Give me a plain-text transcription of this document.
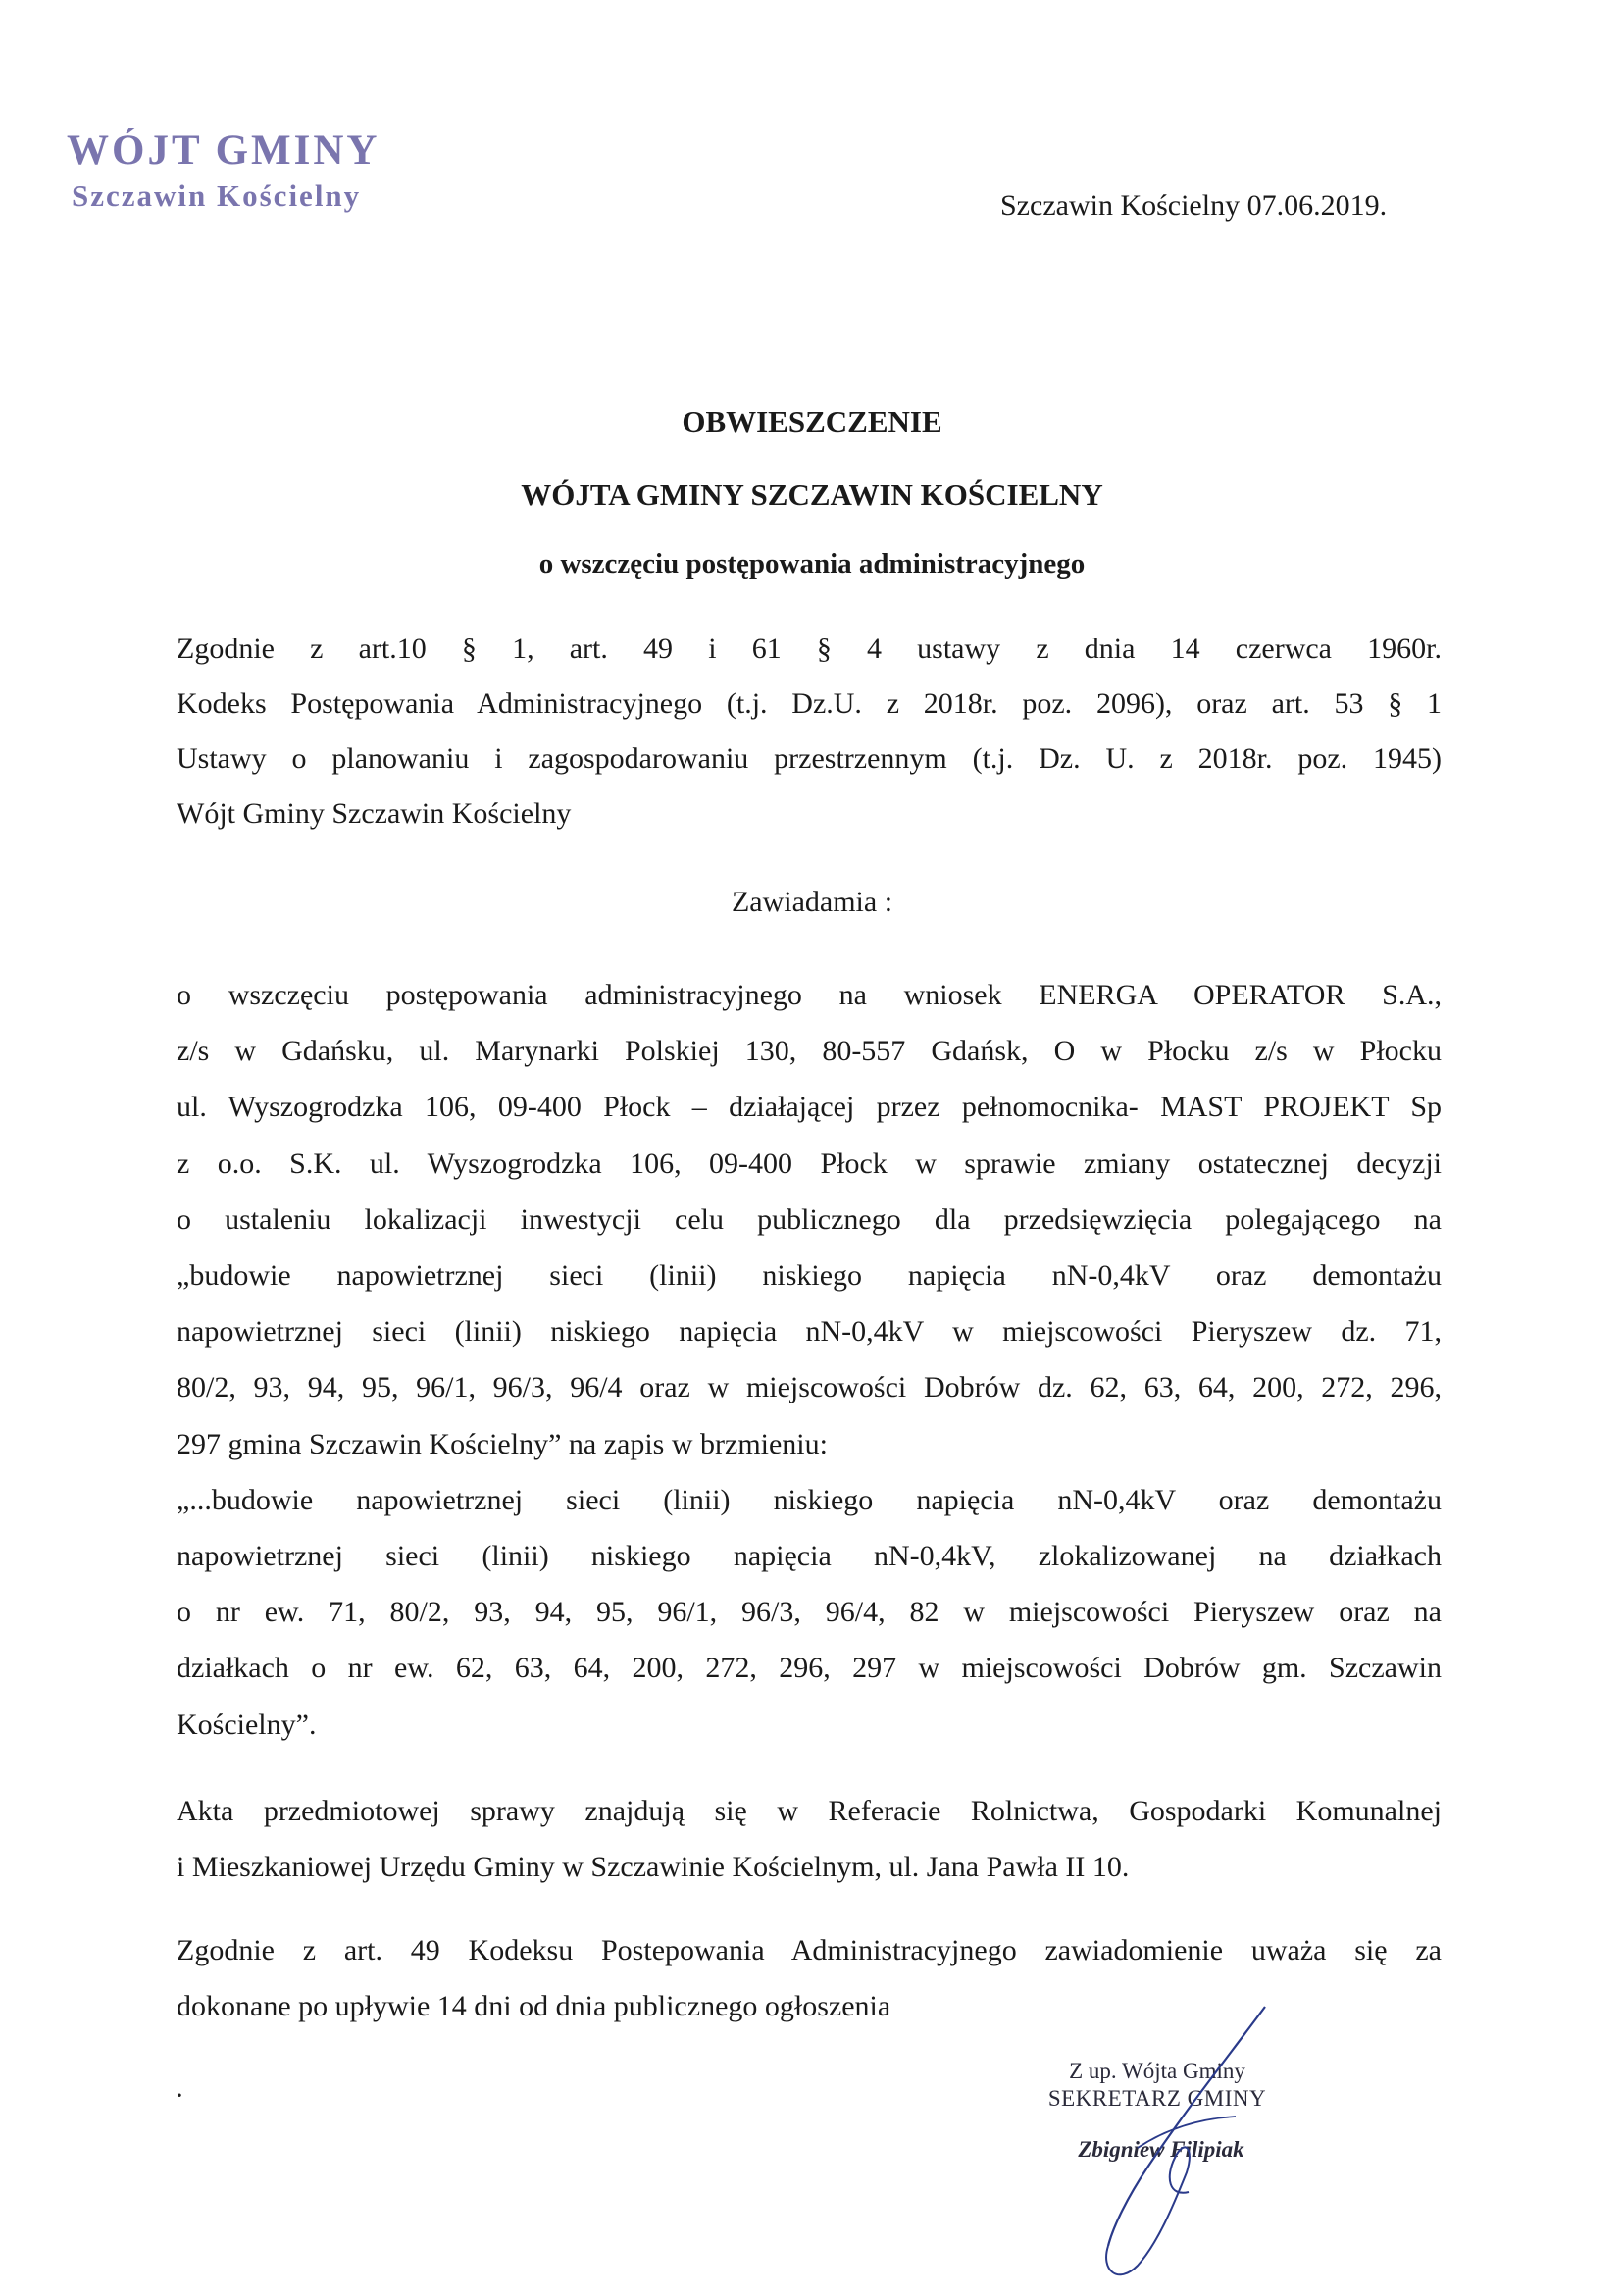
WÓJT GMINY
Szczawin Kościelny	Szczawin Kościelny 07.06.2019.
OBWIESZCZENIE
WÓJTA GMINY SZCZAWIN KOŚCIELNY
o wszczęciu postępowania administracyjnego
Zgodnie z art.10 § 1, art. 49 i 61 § 4 ustawy z dnia 14 czerwca 1960r.
Kodeks Postępowania Administracyjnego (t.j. Dz.U. z 2018r. poz. 2096), oraz art. 53 § 1
Ustawy o planowaniu i zagospodarowaniu przestrzennym (t.j. Dz. U. z 2018r. poz. 1945)
Wójt Gminy Szczawin Kościelny
Zawiadamia :
o wszczęciu postępowania administracyjnego na wniosek ENERGA OPERATOR S.A.,
z/s w Gdańsku, ul. Marynarki Polskiej 130, 80-557 Gdańsk, O w Płocku z/s w Płocku
ul. Wyszogrodzka 106, 09-400 Płock – działającej przez pełnomocnika- MAST PROJEKT Sp
z o.o. S.K. ul. Wyszogrodzka 106, 09-400 Płock w sprawie zmiany ostatecznej decyzji
o ustaleniu lokalizacji inwestycji celu publicznego dla przedsięwzięcia polegającego na
„budowie napowietrznej sieci (linii) niskiego napięcia nN-0,4kV oraz demontażu
napowietrznej sieci (linii) niskiego napięcia nN-0,4kV w miejscowości Pieryszew dz. 71,
80/2, 93, 94, 95, 96/1, 96/3, 96/4 oraz w miejscowości Dobrów dz. 62, 63, 64, 200, 272, 296,
297 gmina Szczawin Kościelny” na zapis w brzmieniu:
„...budowie napowietrznej sieci (linii) niskiego napięcia nN-0,4kV oraz demontażu
napowietrznej sieci (linii) niskiego napięcia nN-0,4kV, zlokalizowanej na działkach
o nr ew. 71, 80/2, 93, 94, 95, 96/1, 96/3, 96/4, 82 w miejscowości Pieryszew oraz na
działkach o nr ew. 62, 63, 64, 200, 272, 296, 297 w miejscowości Dobrów gm. Szczawin
Kościelny”.
Akta przedmiotowej sprawy znajdują się w Referacie Rolnictwa, Gospodarki Komunalnej
i Mieszkaniowej Urzędu Gminy w Szczawinie Kościelnym, ul. Jana Pawła II 10.
Zgodnie z art. 49 Kodeksu Postepowania Administracyjnego zawiadomienie uważa się za
dokonane po upływie 14 dni od dnia publicznego ogłoszenia
·
Z up. Wójta Gminy
SEKRETARZ GMINY
Zbigniew Filipiak
